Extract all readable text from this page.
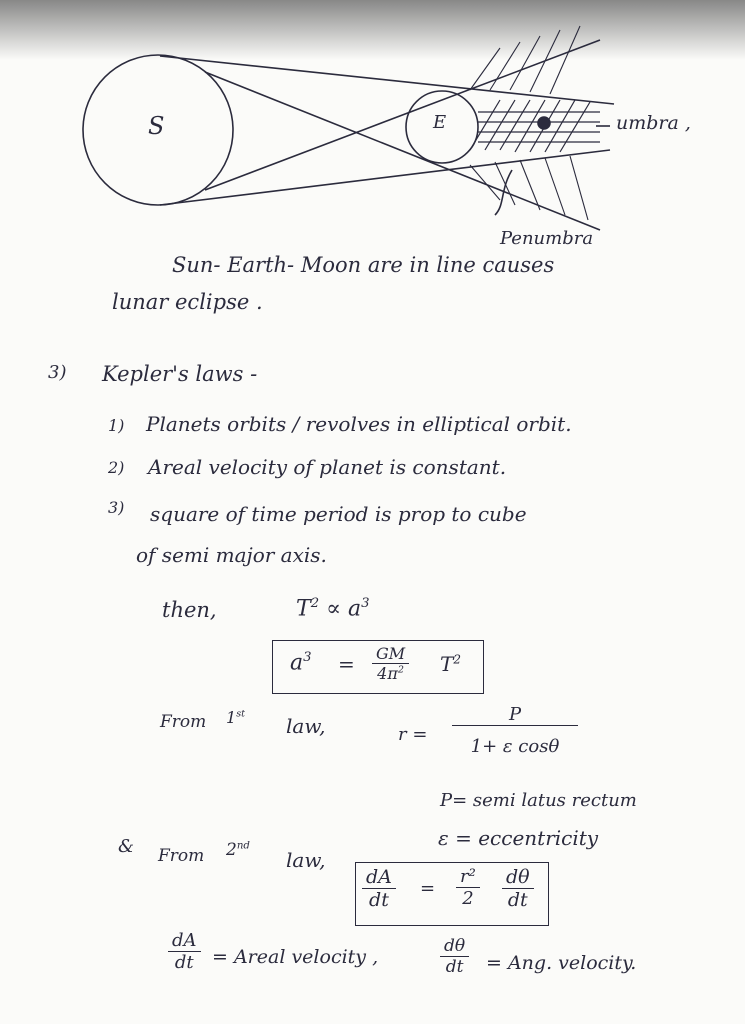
S	E	umbra ,
Penumbra
Sun- Earth- Moon are in line causes
lunar eclipse .
3) Kepler's laws -
1) Planets orbits / revolves in elliptical orbit.
2) Areal velocity of planet is constant.
3) square of time period is prop to cube
of semi major axis.
then,	$T^2 \propto a^3$
$a^3 = \frac{GM}{4\pi^2} T^2$
From 1st law,	$r = \frac{P}{\text{1+ ε cosθ}}$
P= semi latus rectum
ε = eccentricity
& From 2nd
law,
$\frac{dA}{dt} = \frac{\text{r²}}{2} \frac{d\theta}{dt}$
$\frac{dA}{dt}$ = Areal velocity ,	$\frac{d\theta}{dt}$ = Ang. velocity.
